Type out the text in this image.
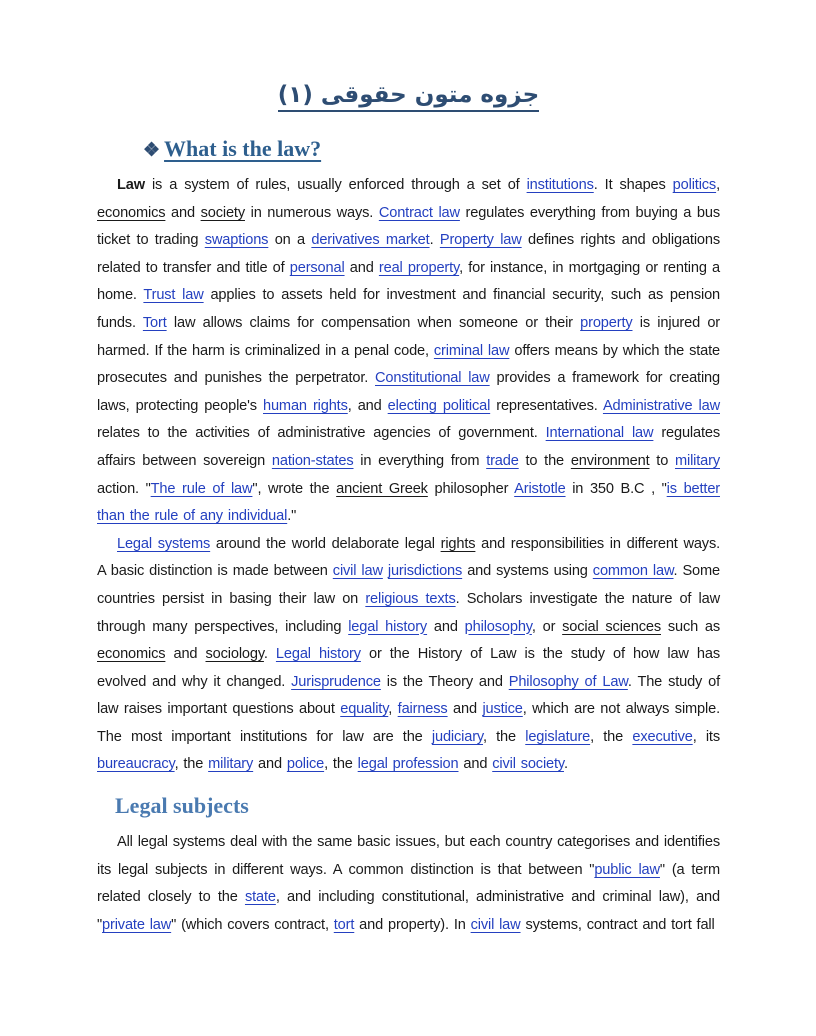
جزوه متون حقوقی (۱)
❖ What is the law?

Law is a system of rules, usually enforced through a set of institutions. It shapes politics, economics and society in numerous ways. Contract law regulates everything from buying a bus ticket to trading swaptions on a derivatives market. Property law defines rights and obligations related to transfer and title of personal and real property, for instance, in mortgaging or renting a home. Trust law applies to assets held for investment and financial security, such as pension funds. Tort law allows claims for compensation when someone or their property is injured or harmed. If the harm is criminalized in a penal code, criminal law offers means by which the state prosecutes and punishes the perpetrator. Constitutional law provides a framework for creating laws, protecting people's human rights, and electing political representatives. Administrative law relates to the activities of administrative agencies of government. International law regulates affairs between sovereign nation-states in everything from trade to the environment to military action. "The rule of law", wrote the ancient Greek philosopher Aristotle in 350 B.C , "is better than the rule of any individual."

Legal systems around the world delaborate legal rights and responsibilities in different ways. A basic distinction is made between civil law jurisdictions and systems using common law. Some countries persist in basing their law on religious texts. Scholars investigate the nature of law through many perspectives, including legal history and philosophy, or social sciences such as economics and sociology. Legal history or the History of Law is the study of how law has evolved and why it changed. Jurisprudence is the Theory and Philosophy of Law. The study of law raises important questions about equality, fairness and justice, which are not always simple. The most important institutions for law are the judiciary, the legislature, the executive, its bureaucracy, the military and police, the legal profession and civil society.

Legal subjects

All legal systems deal with the same basic issues, but each country categorises and identifies its legal subjects in different ways. A common distinction is that between "public law" (a term related closely to the state, and including constitutional, administrative and criminal law), and "private law" (which covers contract, tort and property). In civil law systems, contract and tort fall
